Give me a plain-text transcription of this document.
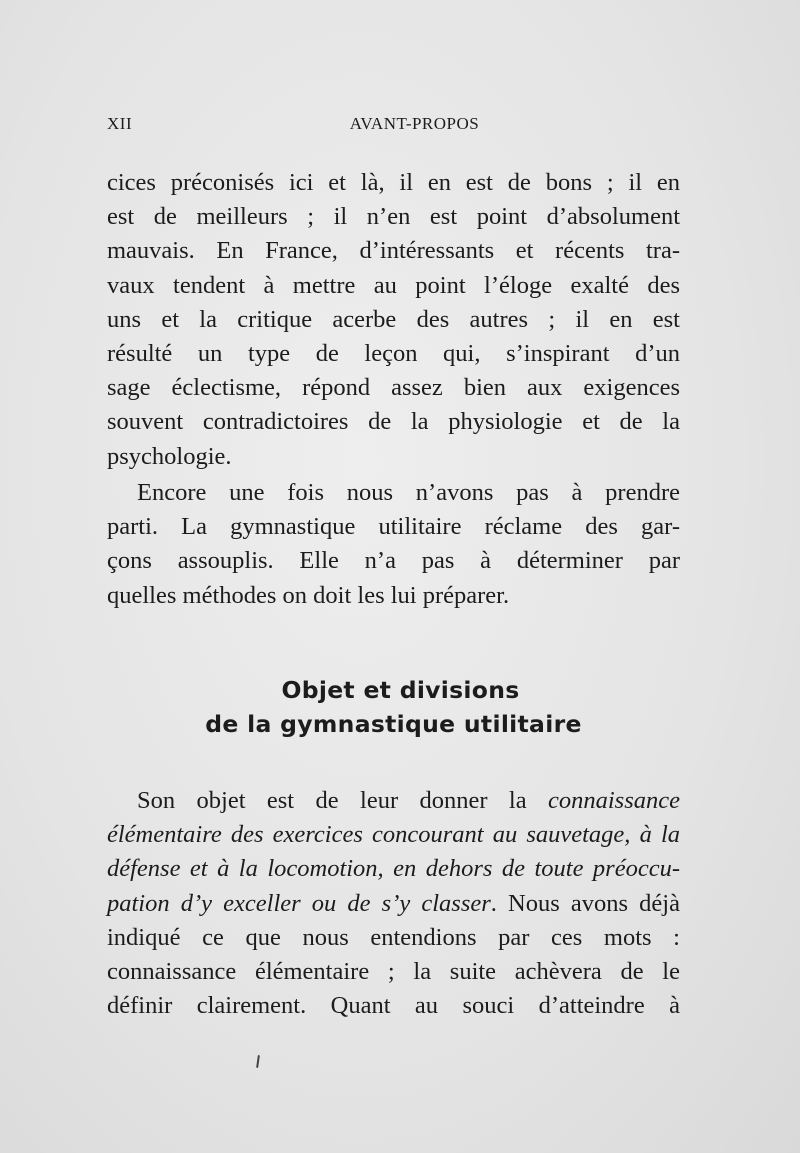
XII	AVANT-PROPOS
cices préconisés ici et là, il en est de bons ; il en
est de meilleurs ; il n’en est point d’absolument
mauvais. En France, d’intéressants et récents tra-
vaux tendent à mettre au point l’éloge exalté des
uns et la critique acerbe des autres ; il en est
résulté un type de leçon qui, s’inspirant d’un
sage éclectisme, répond assez bien aux exigences
souvent contradictoires de la physiologie et de la
psychologie.
Encore une fois nous n’avons pas à prendre
parti. La gymnastique utilitaire réclame des gar-
çons assouplis. Elle n’a pas à déterminer par
quelles méthodes on doit les lui préparer.
Objet et divisions
de la gymnastique utilitaire
Son objet est de leur donner la connaissance
élémentaire des exercices concourant au sauvetage, à la
défense et à la locomotion, en dehors de toute préoccu-
pation d’y exceller ou de s’y classer. Nous avons déjà
indiqué ce que nous entendions par ces mots :
connaissance élémentaire ; la suite achèvera de le
définir clairement. Quant au souci d’atteindre à
